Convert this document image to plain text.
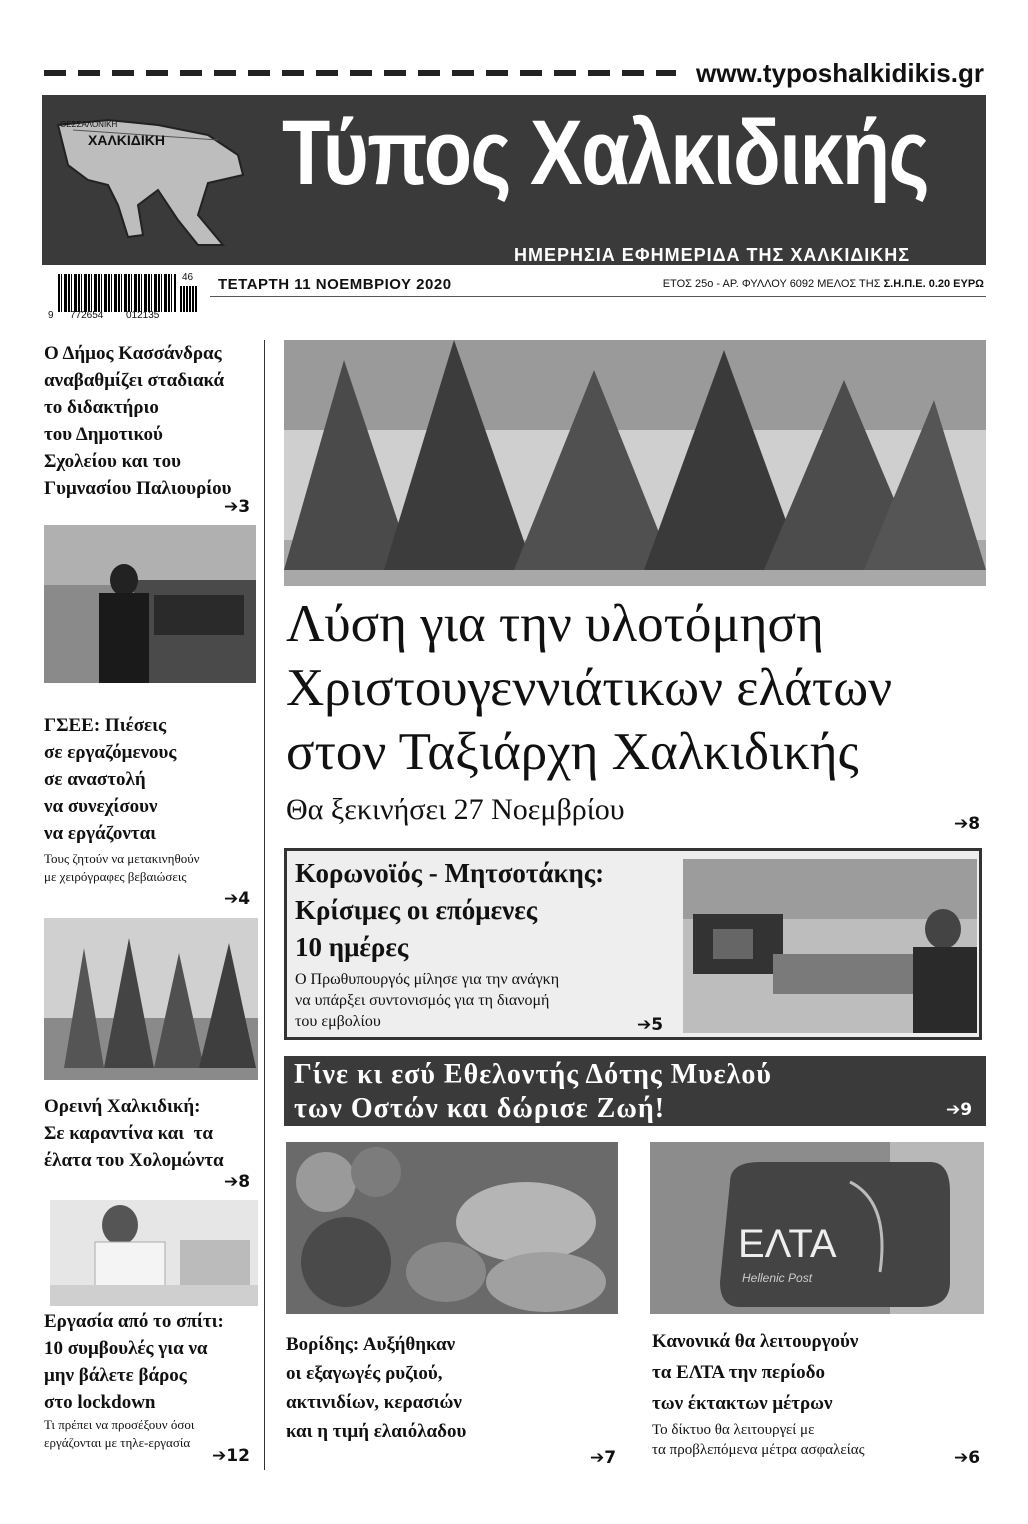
www.typoshalkidikis.gr
ΘΕΣΣΑΛΟΝΙΚΗ
ΧΑΛΚΙΔΙΚΗ Τύπος Χαλκιδικής
ΗΜΕΡΗΣΙΑ ΕΦΗΜΕΡΙΔΑ ΤΗΣ ΧΑΛΚΙΔΙΚΗΣ
46
9 772654 012135
ΤΕΤΑΡΤΗ 11 ΝΟΕΜΒΡΙΟΥ 2020	ΕΤΟΣ 25ο - ΑΡ. ΦΥΛΛΟΥ 6092 ΜΕΛΟΣ ΤΗΣ Σ.Η.Π.Ε. 0.20 ΕΥΡΩ
Ο Δήμος Κασσάνδρας
αναβαθμίζει σταδιακά
το διδακτήριο
του Δημοτικού
Σχολείου και του
Γυμνασίου Παλιουρίου
➔3
ΓΣΕΕ: Πιέσεις
σε εργαζόμενους
σε αναστολή
να συνεχίσουν
να εργάζονται
Τους ζητούν να μετακινηθούν
με χειρόγραφες βεβαιώσεις
➔4
Ορεινή Χαλκιδική:
Σε καραντίνα και  τα
έλατα του Χολομώντα
➔8
Εργασία από το σπίτι:
10 συμβουλές για να
μην βάλετε βάρος
στο lockdown
Τι πρέπει να προσέξουν όσοι
εργάζονται με τηλε-εργασία
➔12
Λύση για την υλοτόμηση
Χριστουγεννιάτικων ελάτων
στον Ταξιάρχη Χαλκιδικής
Θα ξεκινήσει 27 Νοεμβρίου	➔8
Κορωνοϊός - Μητσοτάκης:
Κρίσιμες οι επόμενες
10 ημέρες
Ο Πρωθυπουργός μίλησε για την ανάγκη
να υπάρξει συντονισμός για τη διανομή
του εμβολίου	➔5
Γίνε κι εσύ Εθελοντής Δότης Μυελού
των Οστών και δώρισε Ζωή!	➔9
Βορίδης: Αυξήθηκαν
οι εξαγωγές ρυζιού,
ακτινιδίων, κερασιών
και η τιμή ελαιόλαδου
➔7
ΕΛΤΑ
Hellenic Post
Κανονικά θα λειτουργούν
τα ΕΛΤΑ την περίοδο
των έκτακτων μέτρων
Το δίκτυο θα λειτουργεί με
τα προβλεπόμενα μέτρα ασφαλείας	➔6
